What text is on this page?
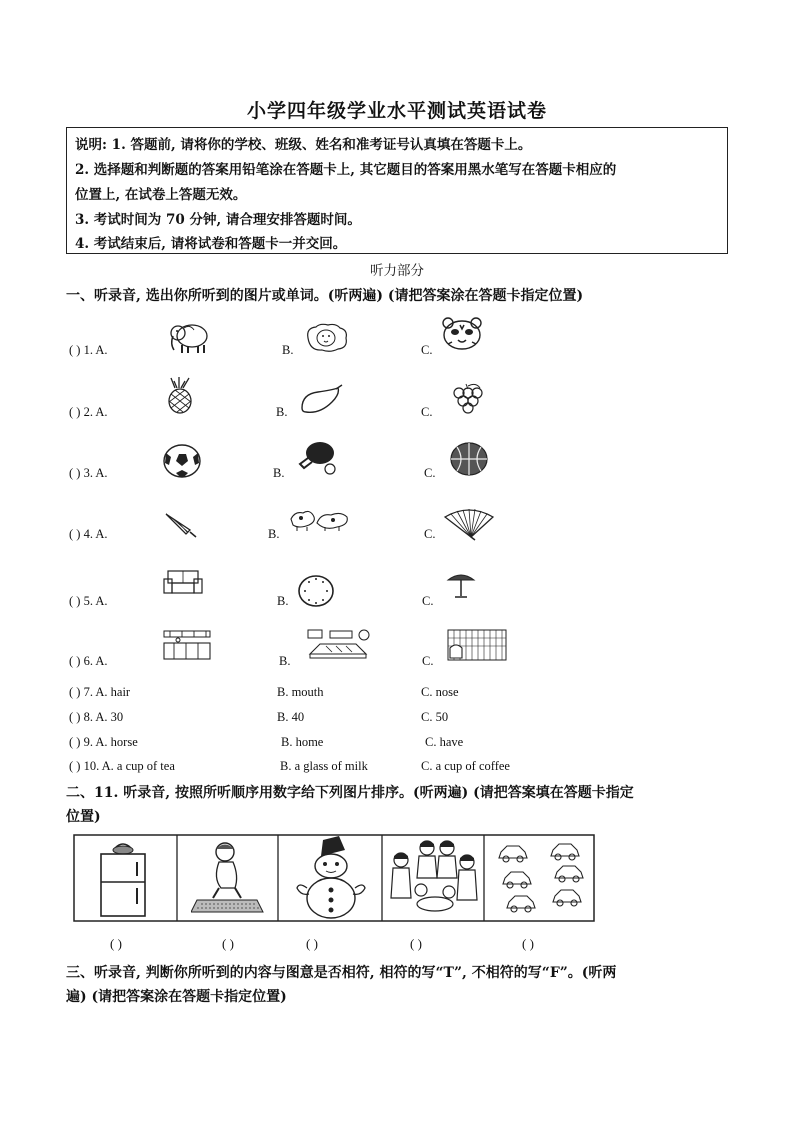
小学四年级学业水平测试英语试卷
说明: 1. 答题前, 请将你的学校、班级、姓名和准考证号认真填在答题卡上。
2. 选择题和判断题的答案用铅笔涂在答题卡上, 其它题目的答案用黑水笔写在答题卡相应的
位置上, 在试卷上答题无效。
3. 考试时间为 70 分钟, 请合理安排答题时间。
4. 考试结束后, 请将试卷和答题卡一并交回。
听力部分
一、听录音, 选出你所听到的图片或单词。(听两遍) (请把答案涂在答题卡指定位置)
( ) 1. A.	B.	C.
( ) 2. A.	B.	C.
( ) 3. A.	B.	C.
( ) 4. A.	B.	C.
( ) 5. A.	B.	C.
( ) 6. A.	B.	C.
( ) 7. A. hair	B. mouth	C. nose
( ) 8. A. 30	B. 40	C. 50
( ) 9. A. horse	B. home	C. have
( ) 10. A. a cup of tea	B. a glass of milk	C. a cup of coffee
二、11. 听录音, 按照所听顺序用数字给下列图片排序。(听两遍) (请把答案填在答题卡指定
位置)
( )	( )	( )	( )	( )
三、听录音, 判断你所听到的内容与图意是否相符, 相符的写“T”, 不相符的写“F”。(听两
遍) (请把答案涂在答题卡指定位置)
